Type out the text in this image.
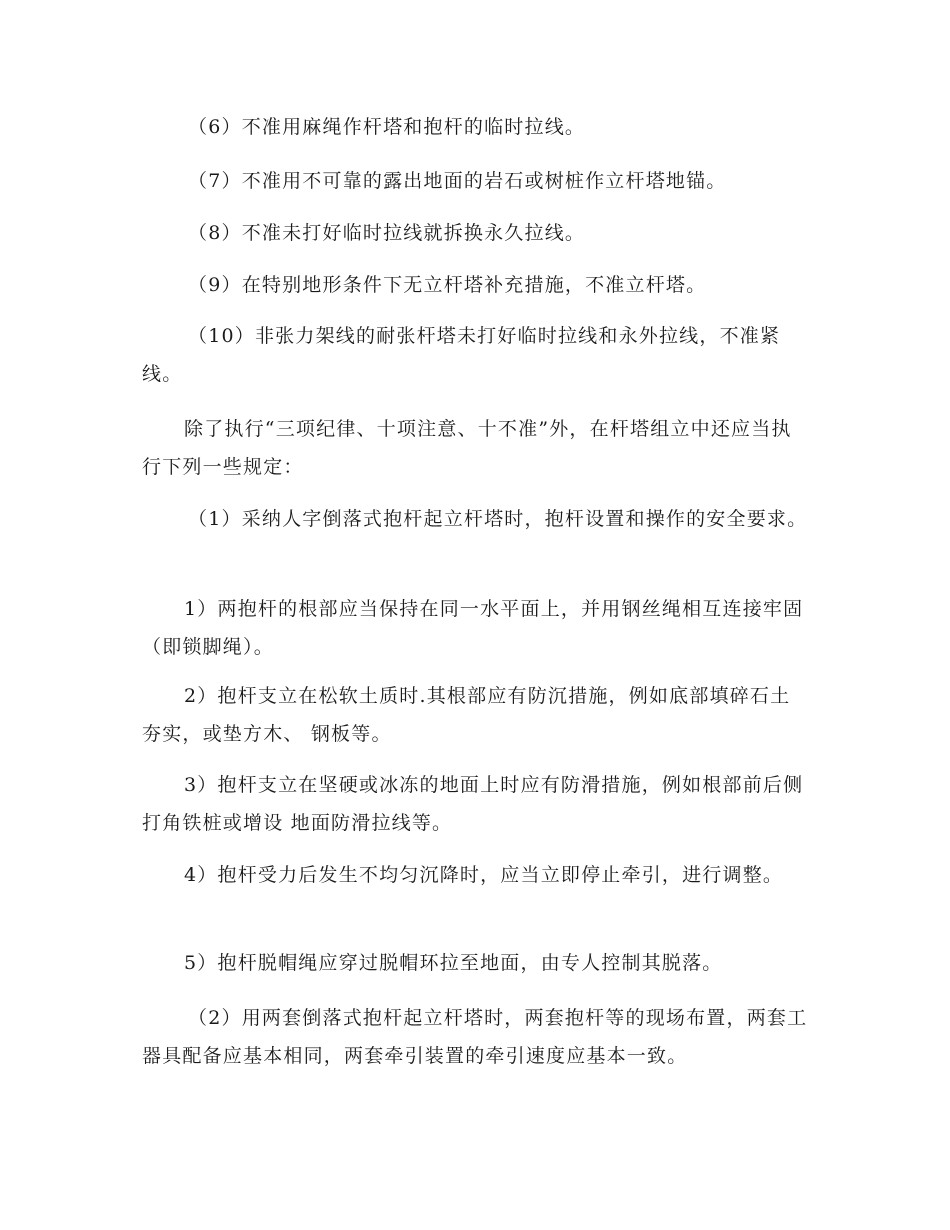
（6）不准用麻绳作杆塔和抱杆的临时拉线。

（7）不准用不可靠的露出地面的岩石或树桩作立杆塔地锚。

（8）不准未打好临时拉线就拆换永久拉线。

（9）在特别地形条件下无立杆塔补充措施，不准立杆塔。

（10）非张力架线的耐张杆塔未打好临时拉线和永外拉线，不准紧线。

除了执行“三项纪律、十项注意、十不准”外，在杆塔组立中还应当执行下列一些规定：

（1）采纳人字倒落式抱杆起立杆塔时，抱杆设置和操作的安全要求。

1）两抱杆的根部应当保持在同一水平面上，并用钢丝绳相互连接牢固（即锁脚绳）。

2）抱杆支立在松软土质时.其根部应有防沉措施，例如底部填碎石土夯实，或垫方木、 钢板等。

3）抱杆支立在坚硬或冰冻的地面上时应有防滑措施，例如根部前后侧打角铁桩或增设 地面防滑拉线等。

4）抱杆受力后发生不均匀沉降时，应当立即停止牵引，进行调整。

5）抱杆脱帽绳应穿过脱帽环拉至地面，由专人控制其脱落。

（2）用两套倒落式抱杆起立杆塔时，两套抱杆等的现场布置，两套工器具配备应基本相同，两套牵引装置的牵引速度应基本一致。
